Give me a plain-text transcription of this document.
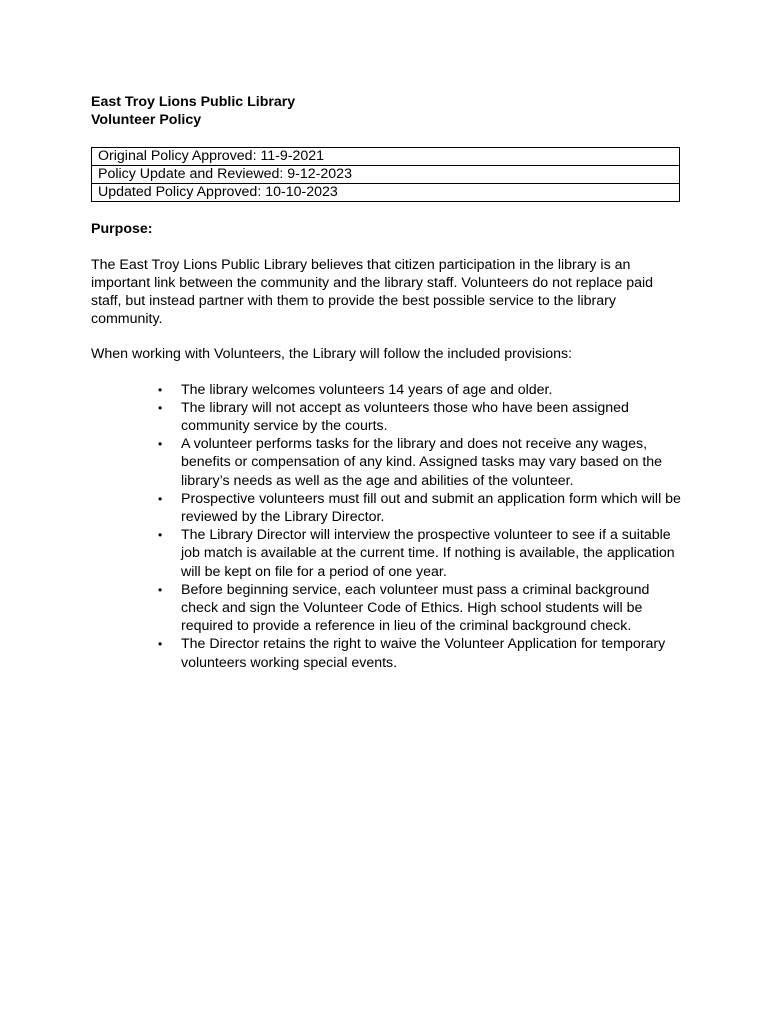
East Troy Lions Public Library

Volunteer Policy

Original Policy Approved: 11-9-2021
Policy Update and Reviewed: 9-12-2023
Updated Policy Approved: 10-10-2023

Purpose:

The East Troy Lions Public Library believes that citizen participation in the library is an important link between the community and the library staff. Volunteers do not replace paid staff, but instead partner with them to provide the best possible service to the library community.

When working with Volunteers, the Library will follow the included provisions:

• The library welcomes volunteers 14 years of age and older.
• The library will not accept as volunteers those who have been assigned community service by the courts.
• A volunteer performs tasks for the library and does not receive any wages, benefits or compensation of any kind. Assigned tasks may vary based on the library’s needs as well as the age and abilities of the volunteer.
• Prospective volunteers must fill out and submit an application form which will be reviewed by the Library Director.
• The Library Director will interview the prospective volunteer to see if a suitable job match is available at the current time. If nothing is available, the application will be kept on file for a period of one year.
• Before beginning service, each volunteer must pass a criminal background check and sign the Volunteer Code of Ethics. High school students will be required to provide a reference in lieu of the criminal background check.
• The Director retains the right to waive the Volunteer Application for temporary volunteers working special events.
